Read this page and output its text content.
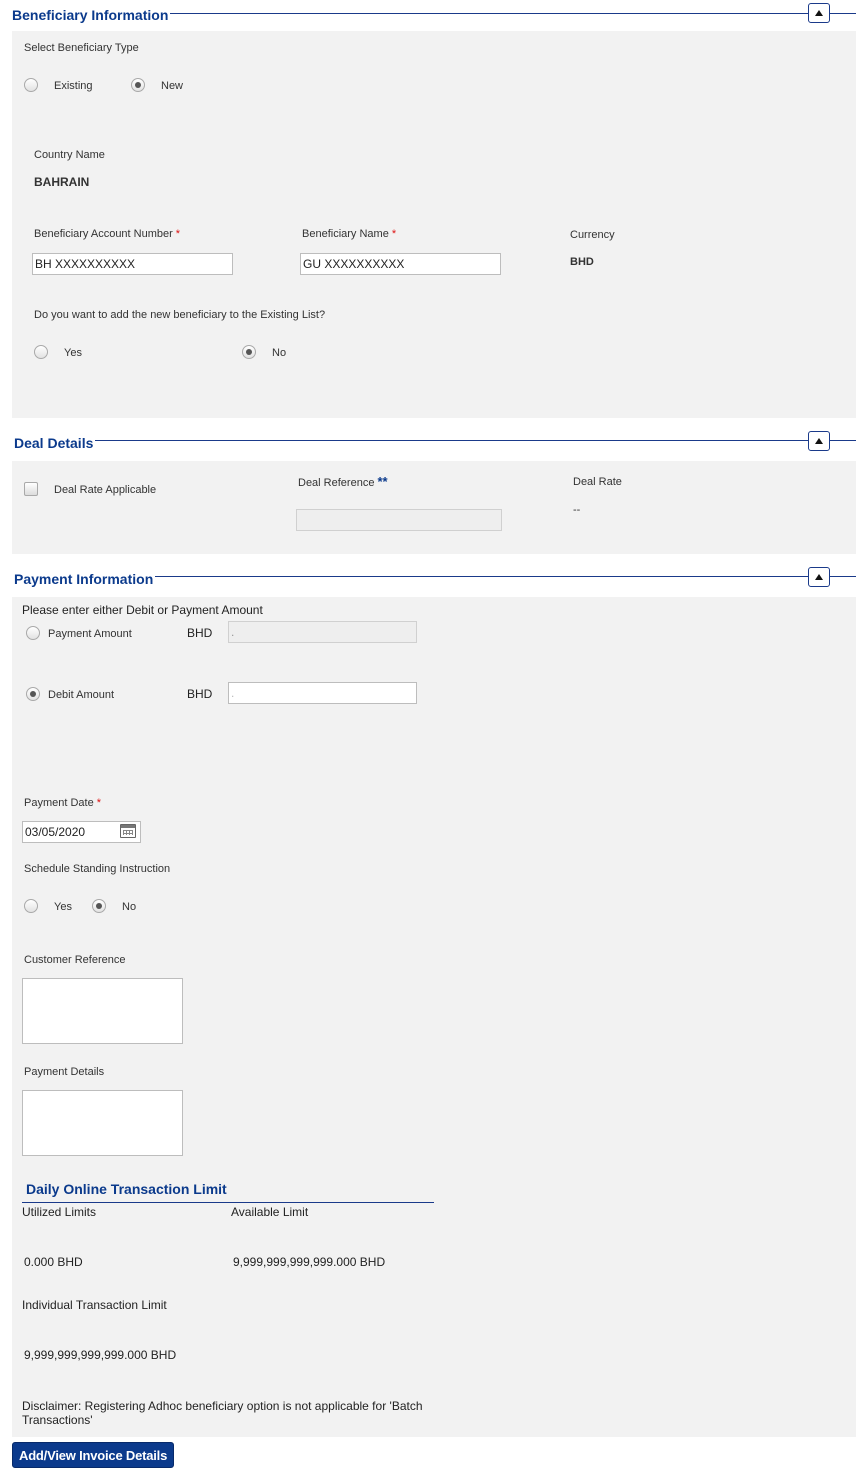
Beneficiary Information
Select Beneficiary Type
Existing	New
Country Name
BAHRAIN
Beneficiary Account Number *
BH XXXXXXXXXX
Beneficiary Name *
GU XXXXXXXXXX
Currency
BHD
Do you want to add the new beneficiary to the Existing List?
Yes	No
Deal Details
Deal Rate Applicable
Deal Reference **	Deal Rate
--
Payment Information
Please enter either Debit or Payment Amount
Payment Amount	BHD .
Debit Amount	BHD .
Payment Date *
03/05/2020
Schedule Standing Instruction
Yes	No
Customer Reference
Payment Details
Daily Online Transaction Limit
Utilized Limits	Available Limit
0.000 BHD	9,999,999,999,999.000 BHD
Individual Transaction Limit
9,999,999,999,999.000 BHD
Disclaimer: Registering Adhoc beneficiary option is not applicable for 'Batch Transactions'
Add/View Invoice Details
